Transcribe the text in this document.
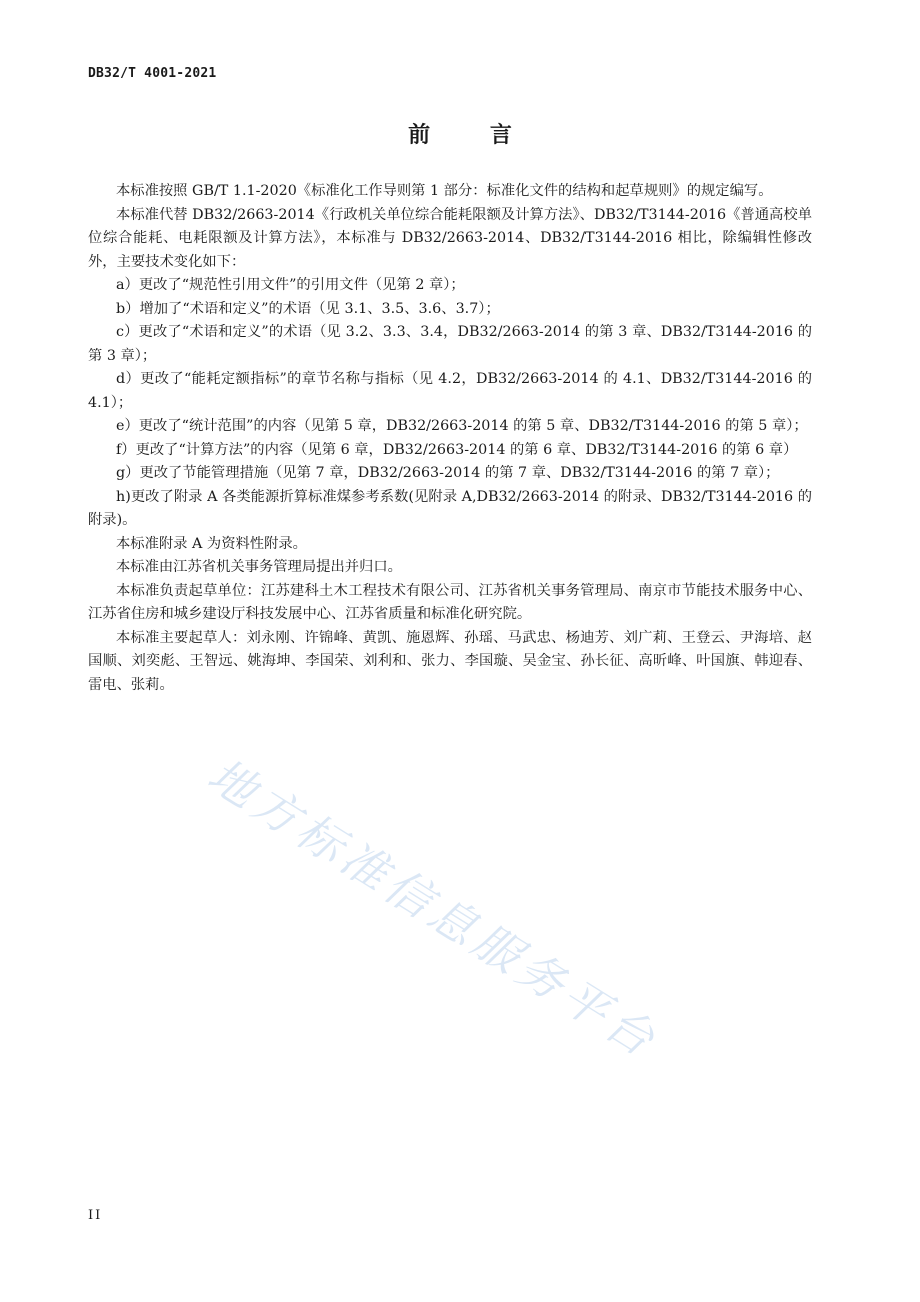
DB32/T 4001-2021
前 言

本标准按照 GB/T 1.1-2020《标准化工作导则第 1 部分：标准化文件的结构和起草规则》的规定编写。

本标准代替 DB32/2663-2014《行政机关单位综合能耗限额及计算方法》、DB32/T3144-2016《普通高校单位综合能耗、电耗限额及计算方法》，本标准与 DB32/2663-2014、DB32/T3144-2016 相比，除编辑性修改外，主要技术变化如下：

a）更改了“规范性引用文件”的引用文件（见第 2 章）；

b）增加了“术语和定义”的术语（见 3.1、3.5、3.6、3.7）；

c）更改了“术语和定义”的术语（见 3.2、3.3、3.4，DB32/2663-2014 的第 3 章、DB32/T3144-2016 的第 3 章）；

d）更改了“能耗定额指标”的章节名称与指标（见 4.2，DB32/2663-2014 的 4.1、DB32/T3144-2016 的 4.1）；

e）更改了“统计范围”的内容（见第 5 章，DB32/2663-2014 的第 5 章、DB32/T3144-2016 的第 5 章）；

f）更改了“计算方法”的内容（见第 6 章，DB32/2663-2014 的第 6 章、DB32/T3144-2016 的第 6 章）

g）更改了节能管理措施（见第 7 章，DB32/2663-2014 的第 7 章、DB32/T3144-2016 的第 7 章）；

h)更改了附录 A 各类能源折算标准煤参考系数(见附录 A,DB32/2663-2014 的附录、DB32/T3144-2016 的附录)。

本标准附录 A 为资料性附录。

本标准由江苏省机关事务管理局提出并归口。

本标准负责起草单位：江苏建科土木工程技术有限公司、江苏省机关事务管理局、南京市节能技术服务中心、江苏省住房和城乡建设厅科技发展中心、江苏省质量和标准化研究院。

本标准主要起草人：刘永刚、许锦峰、黄凯、施恩辉、孙瑶、马武忠、杨迪芳、刘广莉、王登云、尹海培、赵国顺、刘奕彪、王智远、姚海坤、李国荣、刘利和、张力、李国璇、吴金宝、孙长征、高昕峰、叶国旗、韩迎春、雷电、张莉。

地方标准信息服务平台
II
